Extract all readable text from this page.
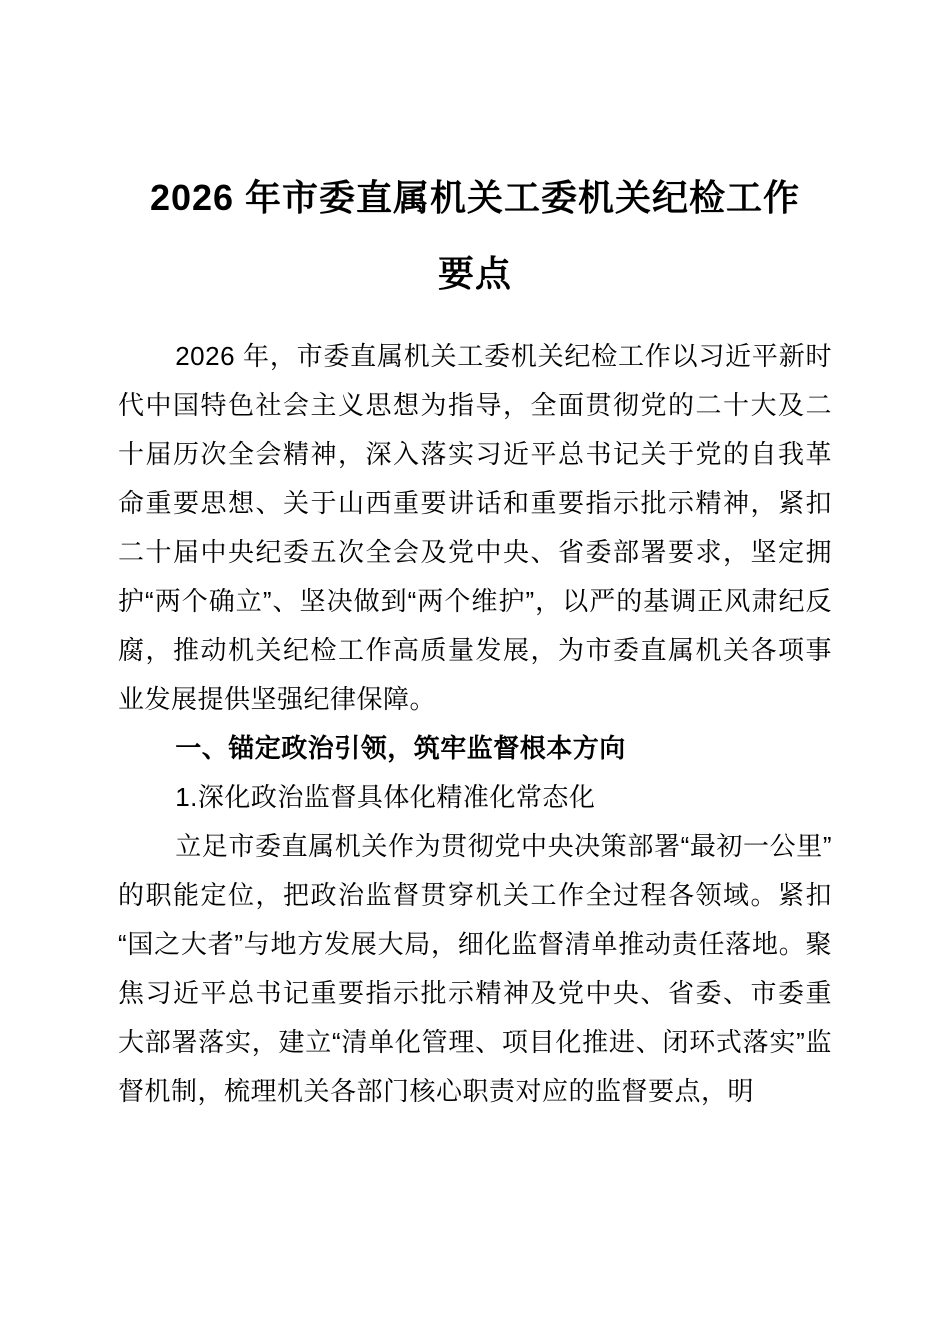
2026 年市委直属机关工委机关纪检工作
要点

2026 年，市委直属机关工委机关纪检工作以习近平新时代中国特色社会主义思想为指导，全面贯彻党的二十大及二十届历次全会精神，深入落实习近平总书记关于党的自我革命重要思想、关于山西重要讲话和重要指示批示精神，紧扣二十届中央纪委五次全会及党中央、省委部署要求，坚定拥护“两个确立”、坚决做到“两个维护”，以严的基调正风肃纪反腐，推动机关纪检工作高质量发展，为市委直属机关各项事业发展提供坚强纪律保障。

一、锚定政治引领，筑牢监督根本方向
1.深化政治监督具体化精准化常态化

立足市委直属机关作为贯彻党中央决策部署“最初一公里”的职能定位，把政治监督贯穿机关工作全过程各领域。紧扣“国之大者”与地方发展大局，细化监督清单推动责任落地。聚焦习近平总书记重要指示批示精神及党中央、省委、市委重大部署落实，建立“清单化管理、项目化推进、闭环式落实”监督机制，梳理机关各部门核心职责对应的监督要点，明
